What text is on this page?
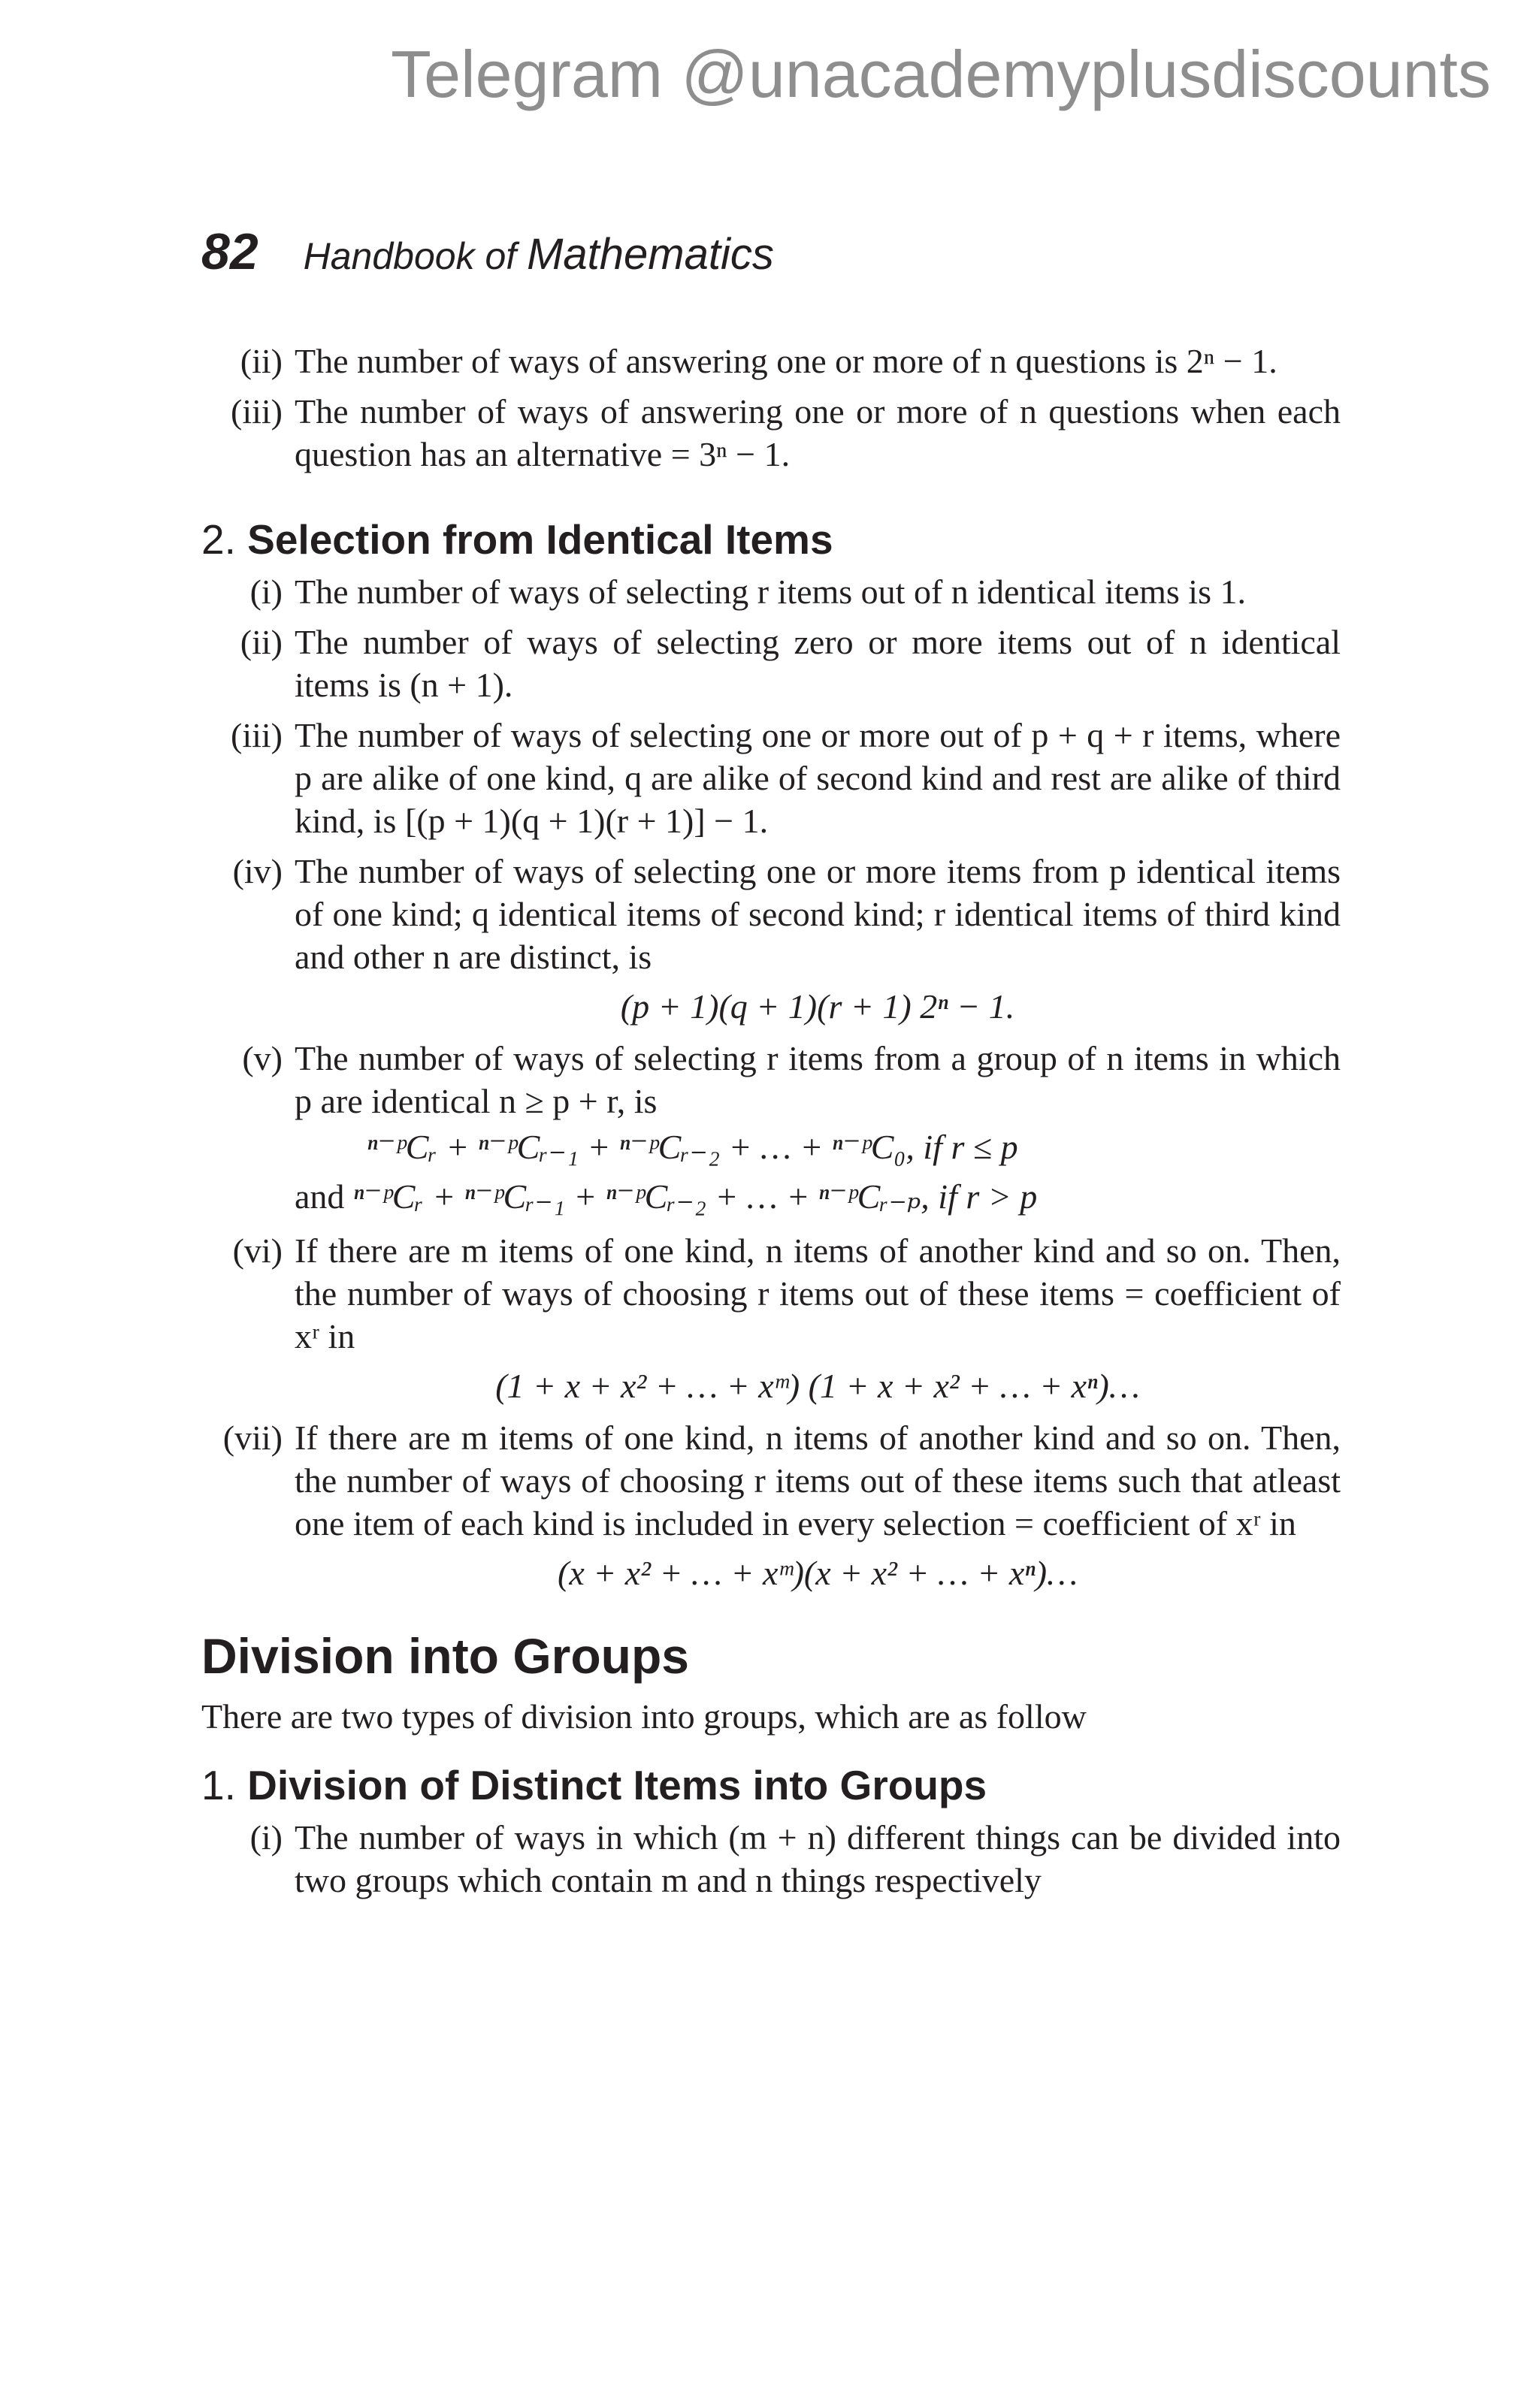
Telegram @unacademyplusdiscounts
82 Handbook of Mathematics
(ii) The number of ways of answering one or more of n questions is 2ⁿ − 1.
(iii) The number of ways of answering one or more of n questions when each question has an alternative = 3ⁿ − 1.
2. Selection from Identical Items
(i) The number of ways of selecting r items out of n identical items is 1.
(ii) The number of ways of selecting zero or more items out of n identical items is (n + 1).
(iii) The number of ways of selecting one or more out of p + q + r items, where p are alike of one kind, q are alike of second kind and rest are alike of third kind, is [(p + 1)(q + 1)(r + 1)] − 1.
(iv) The number of ways of selecting one or more items from p identical items of one kind; q identical items of second kind; r identical items of third kind and other n are distinct, is
(p + 1)(q + 1)(r + 1) 2ⁿ − 1.
(v) The number of ways of selecting r items from a group of n items in which p are identical n ≥ p + r, is
ⁿ⁻ᵖCᵣ + ⁿ⁻ᵖCᵣ₋₁ + ⁿ⁻ᵖCᵣ₋₂ + … + ⁿ⁻ᵖC₀, if r ≤ p
and ⁿ⁻ᵖCᵣ + ⁿ⁻ᵖCᵣ₋₁ + ⁿ⁻ᵖCᵣ₋₂ + … + ⁿ⁻ᵖCᵣ₋ₚ, if r > p
(vi) If there are m items of one kind, n items of another kind and so on. Then, the number of ways of choosing r items out of these items = coefficient of xʳ in
(1 + x + x² + … + xᵐ) (1 + x + x² + … + xⁿ)…
(vii) If there are m items of one kind, n items of another kind and so on. Then, the number of ways of choosing r items out of these items such that atleast one item of each kind is included in every selection = coefficient of xʳ in
(x + x² + … + xᵐ)(x + x² + … + xⁿ)…
Division into Groups
There are two types of division into groups, which are as follow
1. Division of Distinct Items into Groups
(i) The number of ways in which (m + n) different things can be divided into two groups which contain m and n things respectively
